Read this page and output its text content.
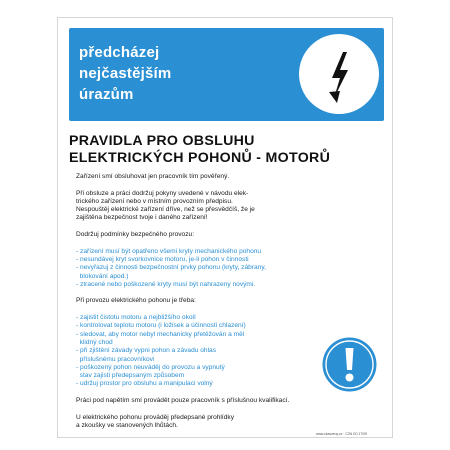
předcházej
nejčastějším
úrazům
PRAVIDLA PRO OBSLUHU
ELEKTRICKÝCH POHONŮ - MOTORŮ

Zařízení smí obsluhovat jen pracovník tím pověřený.

Při obsluze a práci dodržuj pokyny uvedené v návodu elek-

trického zařízení nebo v místním provozním předpisu.

Nespouštěj elektrické zařízení dříve, než se přesvědčíš, že je

zajištěna bezpečnost tvoje i daného zařízení!

Dodržuj podmínky bezpečného provozu:

- zařízení musí být opatřeno všemi kryty mechanického pohonu

- nesundávej kryt svorkovnice motoru, je-li pohon v činnosti

- nevyřazuj z činnosti bezpečnostní prvky pohonu (kryty, zábrany,

blokování apod.)

- ztracené nebo poškozené kryty musí být nahrazeny novými.

Při provozu elektrického pohonu je třeba:

- zajistit čistotu motoru a nejbližšího okolí

- kontrolovat teplotu motoru (i ložisek a účinnosti chlazení)

- sledovat, aby motor nebyl mechanicky přetěžován a měl

klidný chod

- při zjištění závady vypni pohon a závadu ohlas

příslušnému pracovníkovi

- poškozený pohon neuváděj do provozu a vypnutý

stav zajisti předepsaným způsobem

- udržuj prostor pro obsluhu a manipulaci volný

Práci pod napětím smí provádět pouze pracovník s příslušnou kvalifikací.

U elektrického pohonu prováděj předepsané prohlídky

a zkoušky ve stanovených lhůtách.

www.ckaszeny.cz · C2N 0O 17/09
